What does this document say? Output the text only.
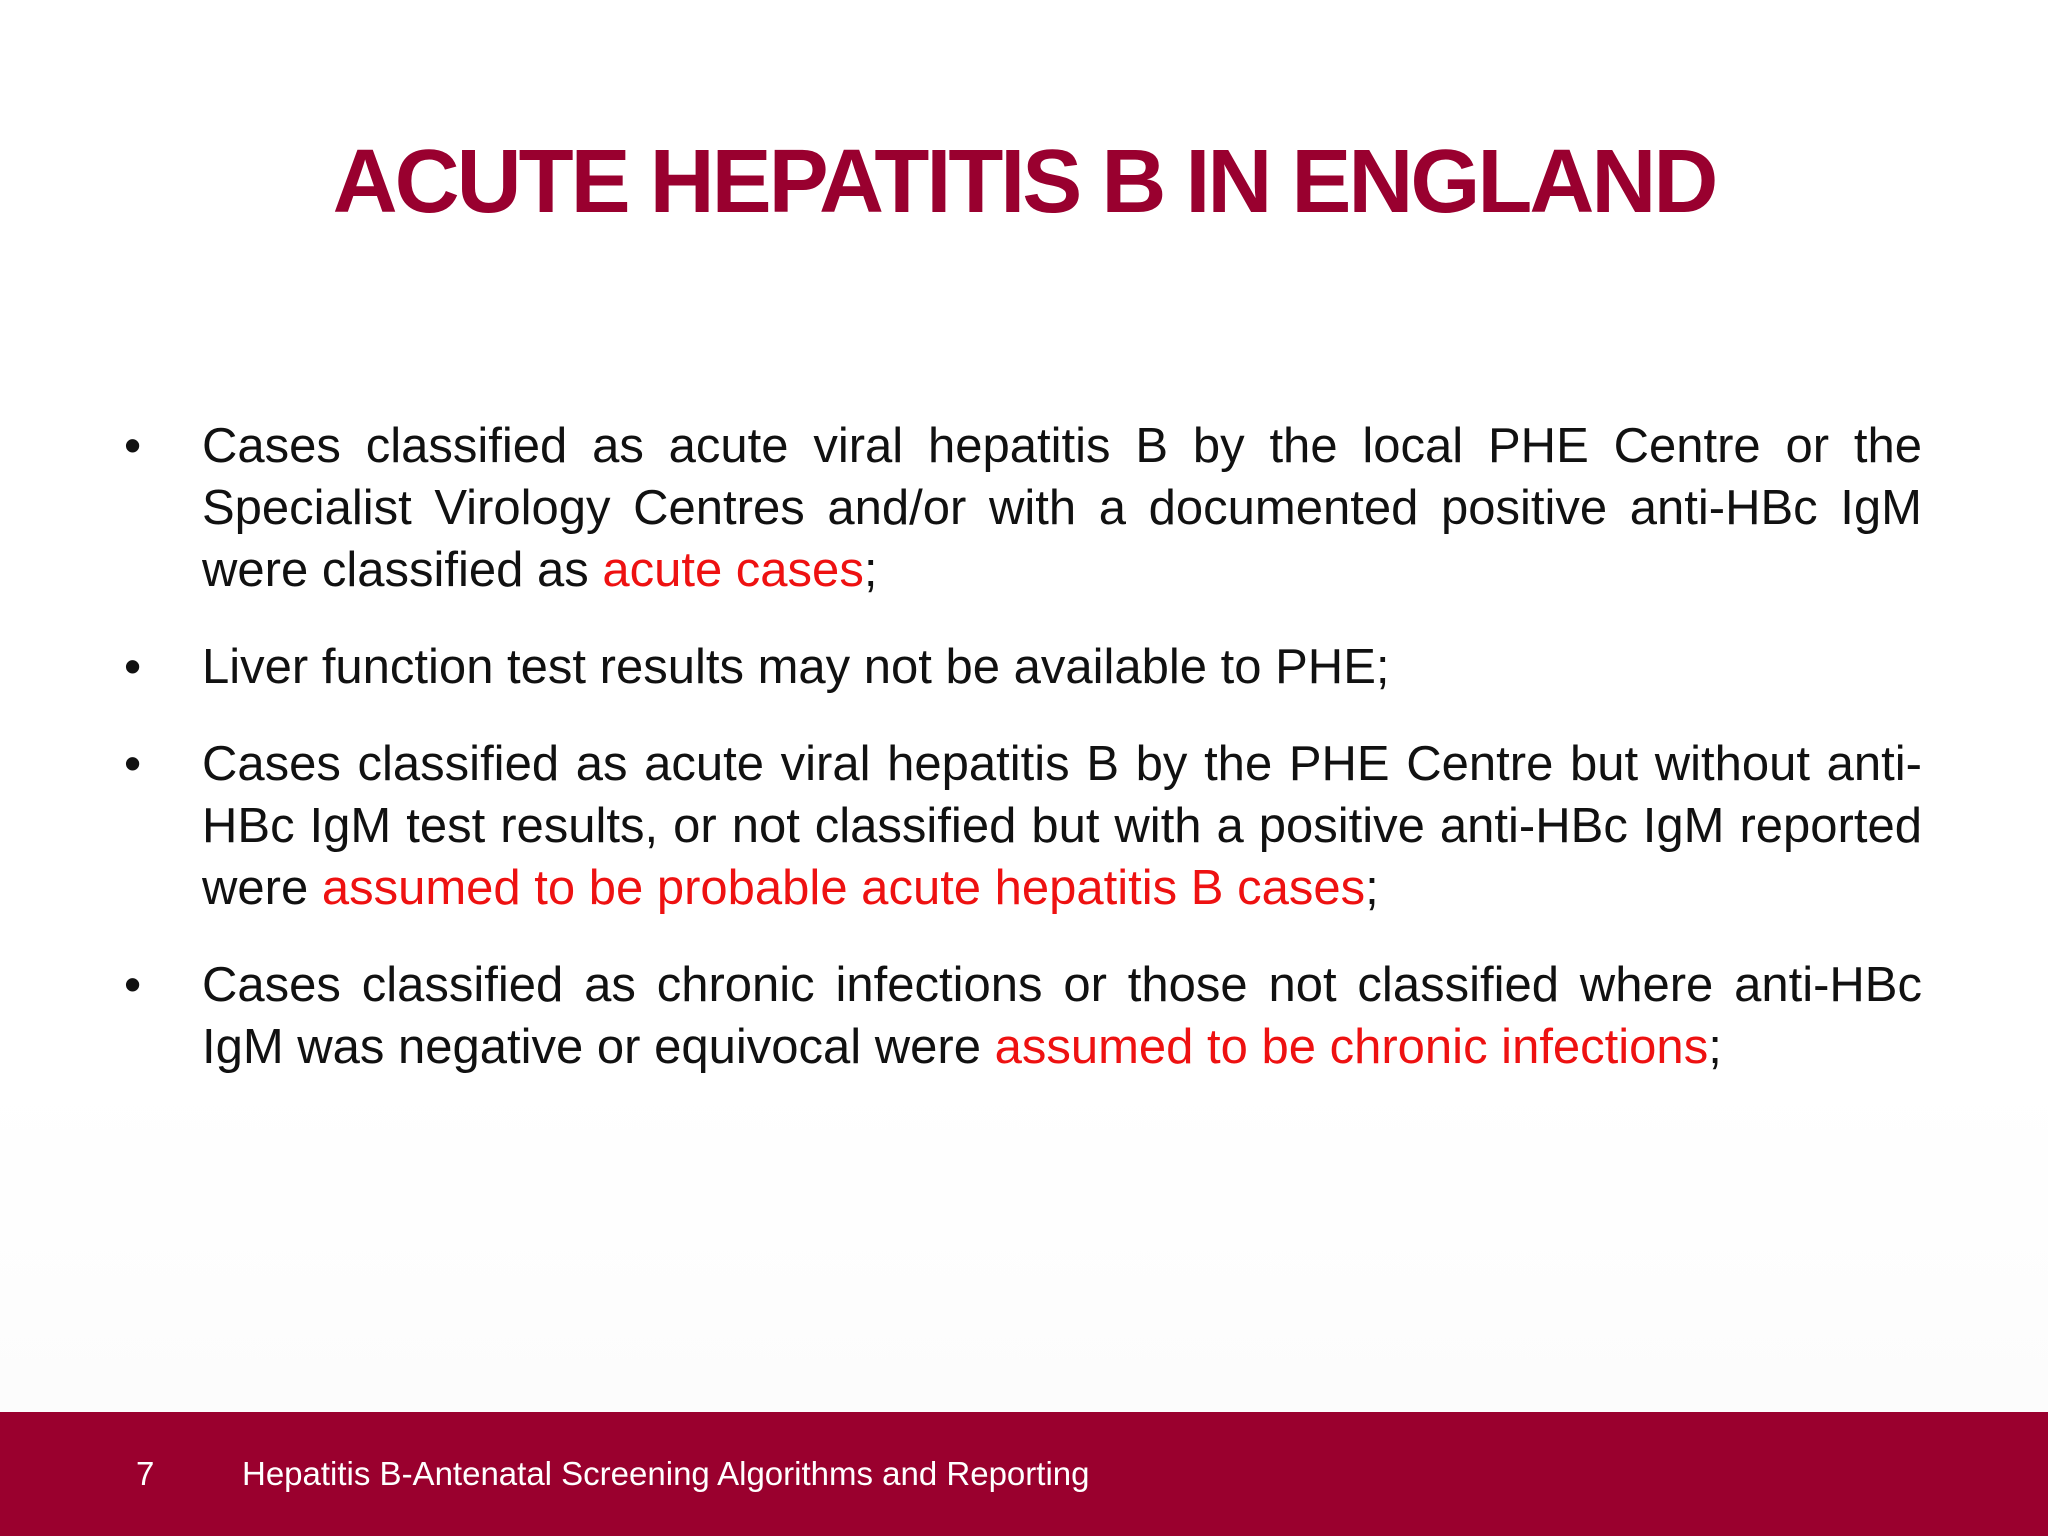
ACUTE HEPATITIS B IN ENGLAND
• Cases classified as acute viral hepatitis B by the local PHE Centre or the Specialist Virology Centres and/or with a documented positive anti-HBc IgM were classified as acute cases;
• Liver function test results may not be available to PHE;
• Cases classified as acute viral hepatitis B by the PHE Centre but without anti-HBc IgM test results, or not classified but with a positive anti-HBc IgM reported were assumed to be probable acute hepatitis B cases;
• Cases classified as chronic infections or those not classified where anti-HBc IgM was negative or equivocal were assumed to be chronic infections;
7	Hepatitis B-Antenatal Screening Algorithms and Reporting
